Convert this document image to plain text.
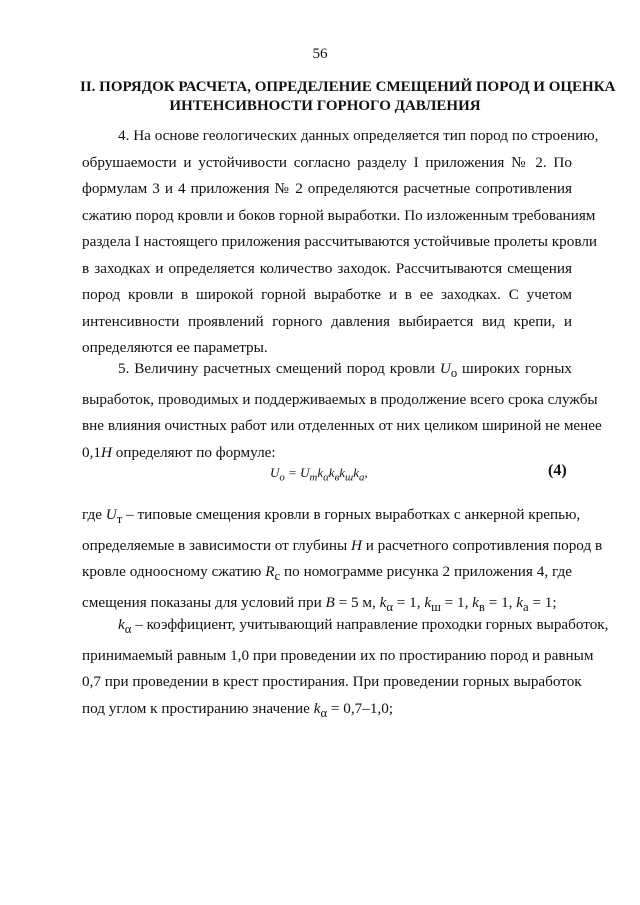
56
II. ПОРЯДОК РАСЧЕТА, ОПРЕДЕЛЕНИЕ СМЕЩЕНИЙ ПОРОД И ОЦЕНКА
ИНТЕНСИВНОСТИ ГОРНОГО ДАВЛЕНИЯ
4. На основе геологических данных определяется тип пород по строению,
обрушаемости и устойчивости согласно разделу I приложения № 2. По
формулам 3 и 4 приложения № 2 определяются расчетные сопротивления
сжатию пород кровли и боков горной выработки. По изложенным требованиям
раздела I настоящего приложения рассчитываются устойчивые пролеты кровли
в заходках и определяется количество заходок. Рассчитываются смещения
пород кровли в широкой горной выработке и в ее заходках. С учетом
интенсивности проявлений горного давления выбирается вид крепи, и
определяются ее параметры.
5. Величину расчетных смещений пород кровли $U_о$ широких горных
выработок, проводимых и поддерживаемых в продолжение всего срока службы
вне влияния очистных работ или отделенных от них целиком шириной не менее
0,1H определяют по формуле:
$U_о = U_тk_\alpha k_вk_шk_а$,	(4)
где $U_т$ – типовые смещения кровли в горных выработках с анкерной крепью,
определяемые в зависимости от глубины H и расчетного сопротивления пород в
кровле одноосному сжатию $R_с$ по номограмме рисунка 2 приложения 4, где
смещения показаны для условий при B = 5 м, $k_\alpha = 1$, $k_ш = 1$, $k_в = 1$, $k_а = 1$;
$k_\alpha$ – коэффициент, учитывающий направление проходки горных выработок,
принимаемый равным 1,0 при проведении их по простиранию пород и равным
0,7 при проведении в крест простирания. При проведении горных выработок
под углом к простиранию значение $k_\alpha = 0,7-1,0$;
